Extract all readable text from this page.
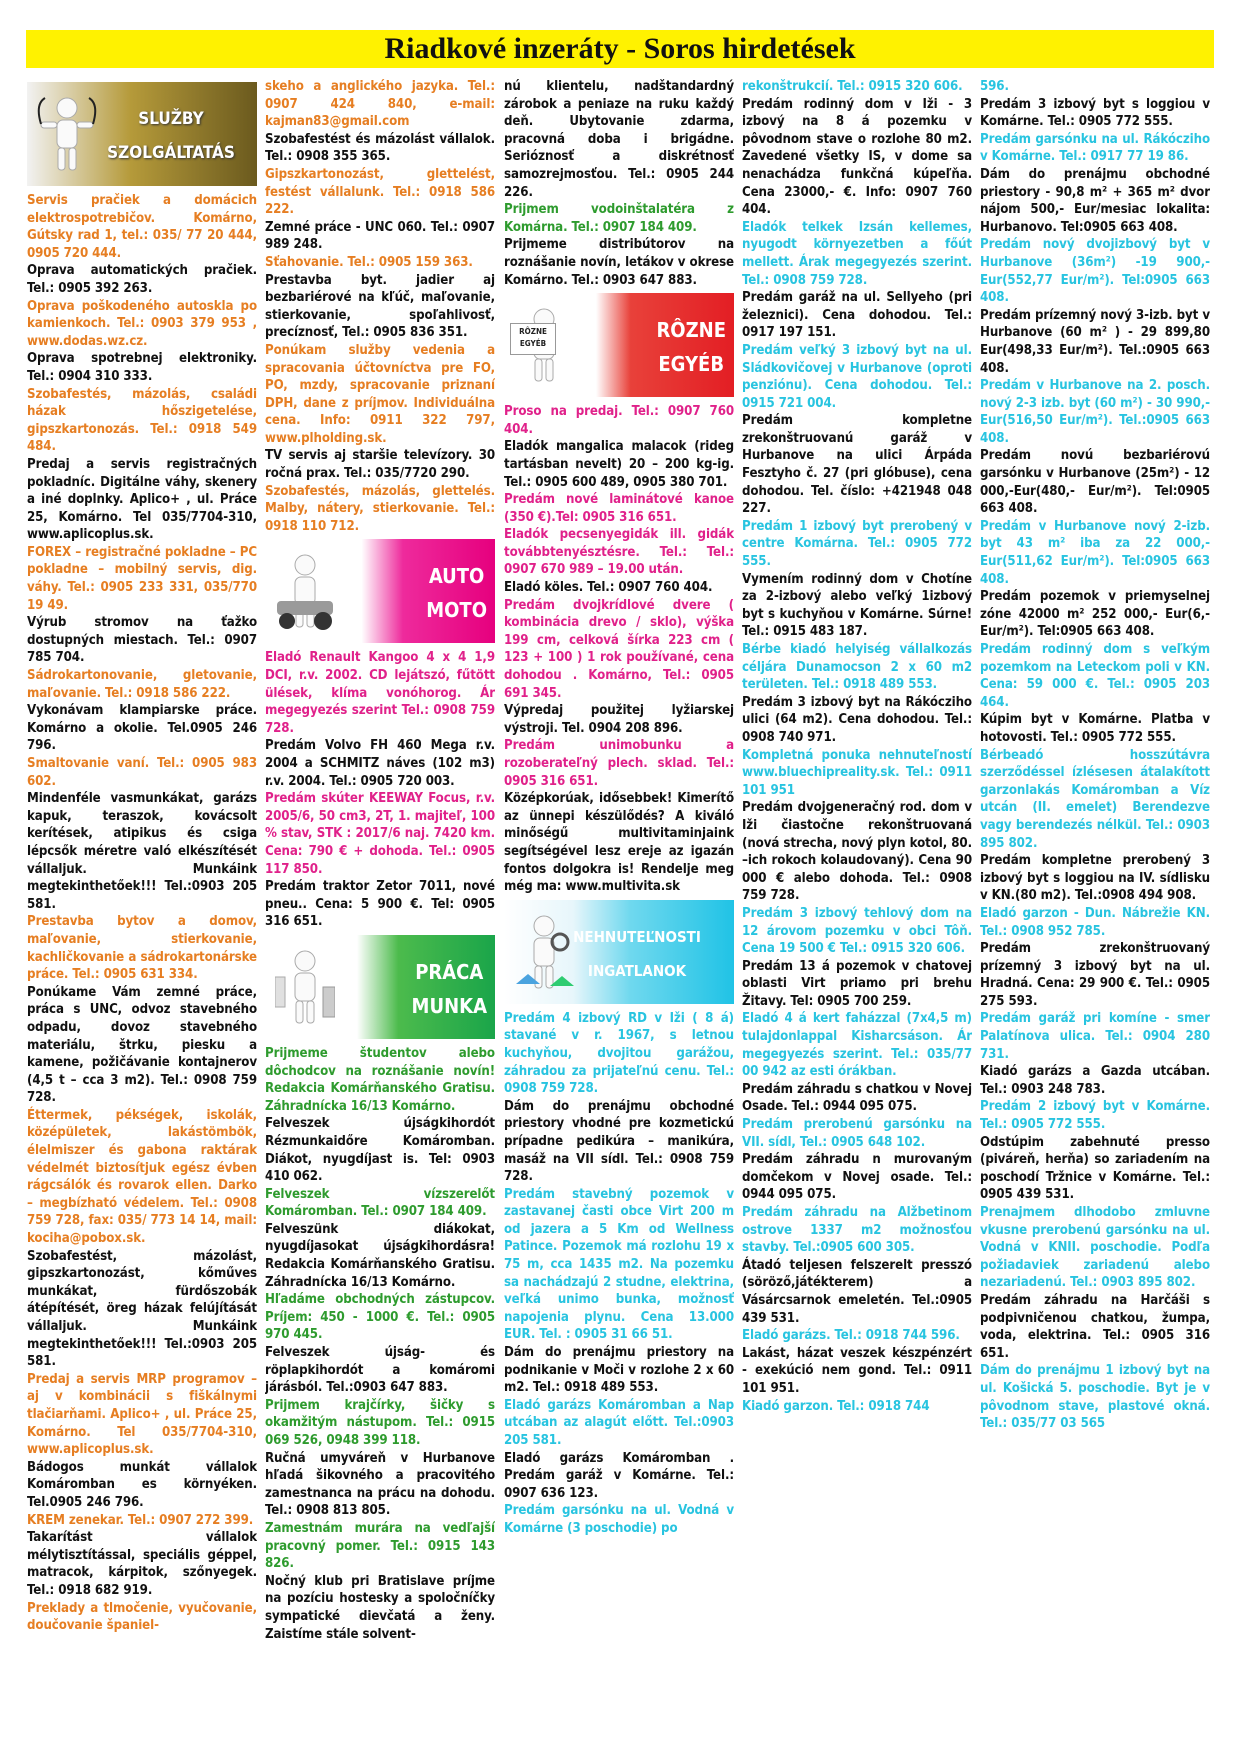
Riadkové inzeráty - Soros hirdetések
SLUŽBY
SZOLGÁLTATÁS
Servis pračiek a domácich elektrospotrebičov. Komárno, Gútsky rad 1, tel.: 035/ 77 20 444, 0905 720 444.
Oprava automatických pračiek. Tel.: 0905 392 263.
Oprava poškodeného autoskla po kamienkoch. Tel.: 0903 379 953 , www.dodas.wz.cz.
Oprava spotrebnej elektroniky. Tel.: 0904 310 333.
Szobafestés, mázolás, családi házak hőszigetelése, gipszkartonozás. Tel.: 0918 549 484.
Predaj a servis registračných pokladníc. Digitálne váhy, skenery a iné doplnky. Aplico+ , ul. Práce 25, Komárno. Tel 035/7704-310, www.aplicoplus.sk.
FOREX – registračné pokladne – PC pokladne – mobilný servis, dig. váhy. Tel.: 0905 233 331, 035/770 19 49.
Výrub stromov na ťažko dostupných miestach. Tel.: 0907 785 704.
Sádrokartonovanie, gletovanie, maľovanie. Tel.: 0918 586 222.
Vykonávam klampiarske práce. Komárno a okolie. Tel.0905 246 796.
Smaltovanie vaní. Tel.: 0905 983 602.
Mindenféle vasmunkákat, garázs kapuk, teraszok, kovácsolt kerítések, atipikus és csiga lépcsők méretre való elkészítését vállaljuk. Munkáink megtekinthetőek!!! Tel.:0903 205 581.
Prestavba bytov a domov, maľovanie, stierkovanie, kachličkovanie a sádrokartonárske práce. Tel.: 0905 631 334.
Ponúkame Vám zemné práce, práca s UNC, odvoz stavebného odpadu, dovoz stavebného materiálu, štrku, piesku a kamene, požičávanie kontajnerov (4,5 t – cca 3 m2). Tel.: 0908 759 728.
Éttermek, pékségek, iskolák, középületek, lakástömbök, élelmiszer és gabona raktárak védelmét biztosítjuk egész évben rágcsálók és rovarok ellen. Darko – megbízható védelem. Tel.: 0908 759 728, fax: 035/ 773 14 14, mail: kociha@pobox.sk.
Szobafestést, mázolást, gipszkartonozást, kőműves munkákat, fürdőszobák átépítését, öreg házak felújítását vállaljuk. Munkáink megtekinthetőek!!! Tel.:0903 205 581.
Predaj a servis MRP programov – aj v kombinácii s fiškálnymi tlačiarňami. Aplico+ , ul. Práce 25, Komárno. Tel 035/7704-310, www.aplicoplus.sk.
Bádogos munkát vállalok Komáromban es környéken. Tel.0905 246 796.
KREM zenekar. Tel.: 0907 272 399.
Takarítást vállalok mélytisztítással, speciális géppel, matracok, kárpitok, szőnyegek. Tel.: 0918 682 919.
Preklady a tlmočenie, vyučovanie, doučovanie španiel-
skeho a anglického jazyka. Tel.: 0907 424 840, e-mail: kajman83@gmail.com
Szobafestést és mázolást vállalok. Tel.: 0908 355 365.
Gipszkartonozást, glettelést, festést vállalunk. Tel.: 0918 586 222.
Zemné práce - UNC 060. Tel.: 0907 989 248.
Sťahovanie. Tel.: 0905 159 363.
Prestavba byt. jadier aj bezbariérové na kľúč, maľovanie, stierkovanie, spoľahlivosť, precíznosť, Tel.: 0905 836 351.
Ponúkam služby vedenia a spracovania účtovníctva pre FO, PO, mzdy, spracovanie priznaní DPH, dane z príjmov. Individuálna cena. Info: 0911 322 797, www.plholding.sk.
TV servis aj staršie televízory. 30 ročná prax. Tel.: 035/7720 290.
Szobafestés, mázolás, glettelés. Malby, nátery, stierkovanie. Tel.: 0918 110 712.
AUTO
MOTO
Eladó Renault Kangoo 4 x 4 1,9 DCI, r.v. 2002. CD lejátszó, fűtött ülések, klíma vonóhorog. Ár megegyezés szerint Tel.: 0908 759 728.
Predám Volvo FH 460 Mega r.v. 2004 a SCHMITZ náves (102 m3) r.v. 2004. Tel.: 0905 720 003.
Predám skúter KEEWAY Focus, r.v. 2005/6, 50 cm3, 2T, 1. majiteľ, 100 % stav, STK : 2017/6 naj. 7420 km. Cena: 790 € + dohoda. Tel.: 0905 117 850.
Predám traktor Zetor 7011, nové pneu.. Cena: 5 900 €. Tel: 0905 316 651.
PRÁCA
MUNKA
Prijmeme študentov alebo dôchodcov na roznášanie novín! Redakcia Komárňanského Gratisu. Záhradnícka 16/13 Komárno.
Felveszek újságkihordót Rézmunkaidőre Komáromban. Diákot, nyugdíjast is. Tel: 0903 410 062.
Felveszek vízszerelőt Komáromban. Tel.: 0907 184 409.
Felveszünk diákokat, nyugdíjasokat újságkihordásra! Redakcia Komárňanského Gratisu. Záhradnícka 16/13 Komárno.
Hľadáme obchodných zástupcov. Príjem: 450 - 1000 €. Tel.: 0905 970 445.
Felveszek újság- és röplapkihordót a komáromi járásból. Tel.:0903 647 883.
Prijmem krajčírky, šičky s okamžitým nástupom. Tel.: 0915 069 526, 0948 399 118.
Ručná umyváreň v Hurbanove hľadá šikovného a pracovitého zamestnanca na prácu na dohodu. Tel.: 0908 813 805.
Zamestnám murára na vedľajší pracovný pomer. Tel.: 0915 143 826.
Nočný klub pri Bratislave príjme na pozíciu hostesky a spoločníčky sympatické dievčatá a ženy. Zaistíme stále solvent-
nú klientelu, nadštandardný zárobok a peniaze na ruku každý deň. Ubytovanie zdarma, pracovná doba i brigádne. Serióznosť a diskrétnosť samozrejmosťou. Tel.: 0905 244 226.
Prijmem vodoinštalatéra z Komárna. Tel.: 0907 184 409.
Prijmeme distribútorov na roznášanie novín, letákov v okrese Komárno. Tel.: 0903 647 883.
RÔZNE
EGYÉB
RÔZNE
EGYÉB
Proso na predaj. Tel.: 0907 760 404.
Eladók mangalica malacok (rideg tartásban nevelt) 20 – 200 kg-ig. Tel.: 0905 600 489, 0905 380 701.
Predám nové laminátové kanoe (350 €).Tel: 0905 316 651.
Eladók pecsenyegidák ill. gidák továbbtenyésztésre. Tel.: Tel.: 0907 670 989 – 19.00 után.
Eladó köles. Tel.: 0907 760 404.
Predám dvojkrídlové dvere ( kombinácia drevo / sklo), výška 199 cm, celková šírka 223 cm ( 123 + 100 ) 1 rok používané, cena dohodou . Komárno, Tel.: 0905 691 345.
Výpredaj použitej lyžiarskej výstroji. Tel. 0904 208 896.
Predám unimobunku a rozoberateľný plech. sklad. Tel.: 0905 316 651.
Középkorúak, idősebbek! Kimerítő az ünnepi készülődés? A kiváló minőségű multivitaminjaink segítségével lesz ereje az igazán fontos dolgokra is! Rendelje meg még ma: www.multivita.sk
NEHNUTEĽNOSTI
INGATLANOK
Predám 4 izbový RD v Iži ( 8 á) stavané v r. 1967, s letnou kuchyňou, dvojitou garážou, záhradou za prijateľnú cenu. Tel.: 0908 759 728.
Dám do prenájmu obchodné priestory vhodné pre kozmetickú prípadne pedikúra – manikúra, masáž na VII sídl. Tel.: 0908 759 728.
Predám stavebný pozemok v zastavanej časti obce Virt 200 m od jazera a 5 Km od Wellness Patince. Pozemok má rozlohu 19 x 75 m, cca 1435 m2. Na pozemku sa nachádzajú 2 studne, elektrina, veľká unimo bunka, možnosť napojenia plynu. Cena 13.000 EUR. Tel. : 0905 31 66 51.
Dám do prenájmu priestory na podnikanie v Moči v rozlohe 2 x 60 m2. Tel.: 0918 489 553.
Eladó garázs Komáromban a Nap utcában az alagút előtt. Tel.:0903 205 581.
Eladó garázs Komáromban . Predám garáž v Komárne. Tel.: 0907 636 123.
Predám garsónku na ul. Vodná v Komárne (3 poschodie) po
rekonštrukcií. Tel.: 0915 320 606.
Predám rodinný dom v Iži - 3 izbový na 8 á pozemku v pôvodnom stave o rozlohe 80 m2. Zavedené všetky IS, v dome sa nenachádza funkčná kúpeľňa. Cena 23000,- €. Info: 0907 760 404.
Eladók telkek Izsán kellemes, nyugodt környezetben a főút mellett. Árak megegyezés szerint. Tel.: 0908 759 728.
Predám garáž na ul. Sellyeho (pri železnici). Cena dohodou. Tel.: 0917 197 151.
Predám veľký 3 izbový byt na ul. Sládkovičovej v Hurbanove (oproti penziónu). Cena dohodou. Tel.: 0915 721 004.
Predám kompletne zrekonštruovanú garáž v Hurbanove na ulici Árpáda Fesztyho č. 27 (pri glóbuse), cena dohodou. Tel. číslo: +421948 048 227.
Predám 1 izbový byt prerobený v centre Komárna. Tel.: 0905 772 555.
Vymením rodinný dom v Chotíne za 2-izbový alebo veľký 1izbový byt s kuchyňou v Komárne. Súrne! Tel.: 0915 483 187.
Bérbe kiadó helyiség vállalkozás céljára Dunamocson 2 x 60 m2 területen. Tel.: 0918 489 553.
Predám 3 izbový byt na Rákócziho ulici (64 m2). Cena dohodou. Tel.: 0908 740 971.
Kompletná ponuka nehnuteľností www.bluechipreality.sk. Tel.: 0911 101 951
Predám dvojgeneračný rod. dom v Iži čiastočne rekonštruovaná (nová strecha, nový plyn kotol, 80. –ich rokoch kolaudovaný). Cena 90 000 € alebo dohoda. Tel.: 0908 759 728.
Predám 3 izbový tehlový dom na 12 árovom pozemku v obci Tôň. Cena 19 500 € Tel.: 0915 320 606.
Predám 13 á pozemok v chatovej oblasti Virt priamo pri brehu Žitavy. Tel: 0905 700 259.
Eladó 4 á kert faházzal (7x4,5 m) tulajdonlappal Kisharcsáson. Ár megegyezés szerint. Tel.: 035/77 00 942 az esti órákban.
Predám záhradu s chatkou v Novej Osade. Tel.: 0944 095 075.
Predám prerobenú garsónku na VII. sídl, Tel.: 0905 648 102.
Predám záhradu n murovaným domčekom v Novej osade. Tel.: 0944 095 075.
Predám záhradu na Alžbetinom ostrove 1337 m2 možnosťou stavby. Tel.:0905 600 305.
Átadó teljesen felszerelt presszó (söröző,játékterem) a Vásárcsarnok emeletén. Tel.:0905 439 531.
Eladó garázs. Tel.: 0918 744 596.
Lakást, házat veszek készpénzért - exekúció nem gond. Tel.: 0911 101 951.
Kiadó garzon. Tel.: 0918 744
596.
Predám 3 izbový byt s loggiou v Komárne. Tel.: 0905 772 555.
Predám garsónku na ul. Rákócziho v Komárne. Tel.: 0917 77 19 86.
Dám do prenájmu obchodné priestory - 90,8 m² + 365 m² dvor nájom 500,- Eur/mesiac lokalita: Hurbanovo. Tel:0905 663 408.
Predám nový dvojizbový byt v Hurbanove (36m²) -19 900,- Eur(552,77 Eur/m²). Tel:0905 663 408.
Predám prízemný nový 3-izb. byt v Hurbanove (60 m² ) - 29 899,80 Eur(498,33 Eur/m²). Tel.:0905 663 408.
Predám v Hurbanove na 2. posch. nový 2-3 izb. byt (60 m²) - 30 990,- Eur(516,50 Eur/m²). Tel.:0905 663 408.
Predám novú bezbariérovú garsónku v Hurbanove (25m²) - 12 000,-Eur(480,- Eur/m²). Tel:0905 663 408.
Predám v Hurbanove nový 2-izb. byt 43 m² iba za 22 000,- Eur(511,62 Eur/m²). Tel:0905 663 408.
Predám pozemok v priemyselnej zóne 42000 m² 252 000,- Eur(6,- Eur/m²). Tel:0905 663 408.
Predám rodinný dom s veľkým pozemkom na Leteckom poli v KN. Cena: 59 000 €. Tel.: 0905 203 464.
Kúpim byt v Komárne. Platba v hotovosti. Tel.: 0905 772 555.
Bérbeadó hosszútávra szerződéssel ízlésesen átalakított garzonlakás Komáromban a Víz utcán (II. emelet) Berendezve vagy berendezés nélkül. Tel.: 0903 895 802.
Predám kompletne prerobený 3 izbový byt s loggiou na IV. sídlisku v KN.(80 m2). Tel.:0908 494 908.
Eladó garzon - Dun. Nábrežie KN. Tel.: 0908 952 785.
Predám zrekonštruovaný prízemný 3 izbový byt na ul. Hradná. Cena: 29 900 €. Tel.: 0905 275 593.
Predám garáž pri komíne - smer Palatínova ulica. Tel.: 0904 280 731.
Kiadó garázs a Gazda utcában. Tel.: 0903 248 783.
Predám 2 izbový byt v Komárne. Tel.: 0905 772 555.
Odstúpim zabehnuté presso (piváreň, herňa) so zariadením na poschodí Tržnice v Komárne. Tel.: 0905 439 531.
Prenajmem dlhodobo zmluvne vkusne prerobenú garsónku na ul. Vodná v KNII. poschodie. Podľa požiadaviek zariadenú alebo nezariadenú. Tel.: 0903 895 802.
Predám záhradu na Harčáši s podpivničenou chatkou, žumpa, voda, elektrina. Tel.: 0905 316 651.
Dám do prenájmu 1 izbový byt na ul. Košická 5. poschodie. Byt je v pôvodnom stave, plastové okná. Tel.: 035/77 03 565
